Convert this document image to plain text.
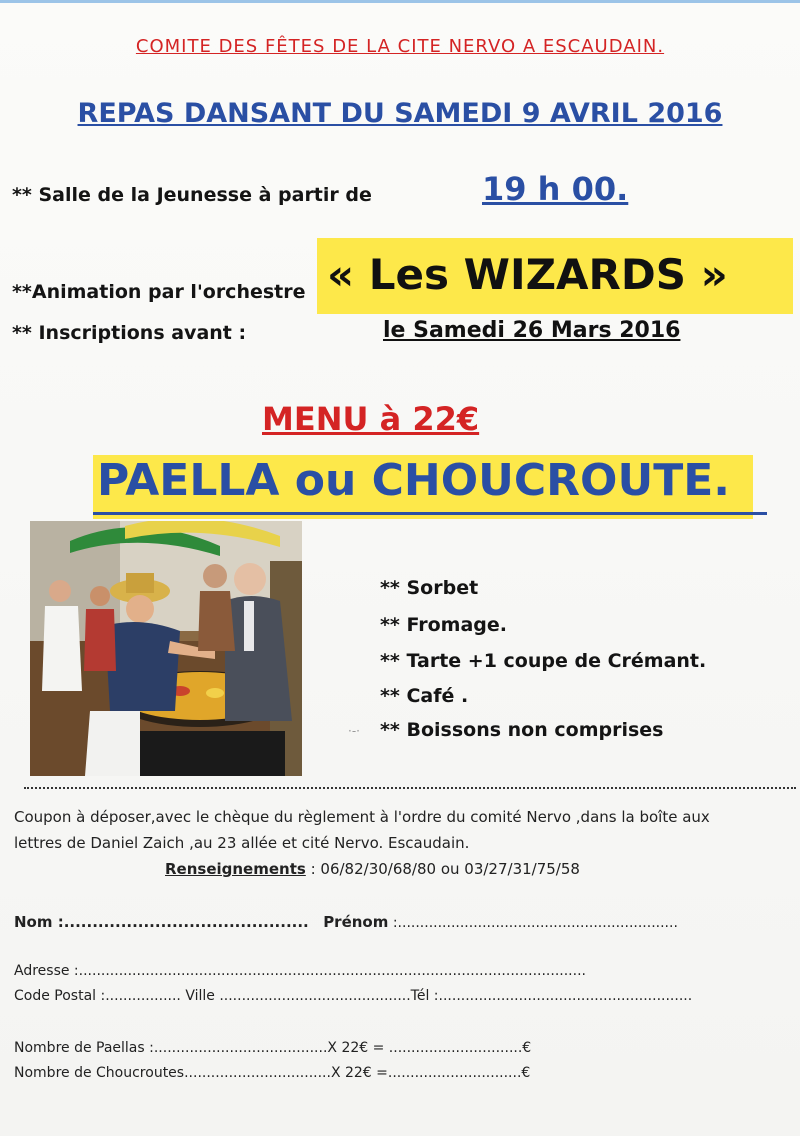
COMITE DES FÊTES DE LA CITE NERVO A ESCAUDAIN.
REPAS DANSANT DU SAMEDI 9 AVRIL 2016
** Salle de la Jeunesse à partir de	19 h 00.
« Les WIZARDS »
**Animation par l'orchestre
** Inscriptions avant :	le Samedi 26 Mars 2016
MENU à 22€
PAELLA ou CHOUCROUTE.
** Sorbet
** Fromage.
** Tarte +1 coupe de Crémant.
** Café .
** Boissons non comprises
·-·
Coupon à déposer,avec le chèque du règlement à l'ordre du comité Nervo ,dans la boîte aux
lettres de Daniel Zaich ,au 23 allée et cité Nervo. Escaudain.
Renseignements : 06/82/30/68/80 ou 03/27/31/75/58
Nom :........................................... Prénom :...............................................................
Adresse :..................................................................................................................
Code Postal :................. Ville ...........................................Tél :.........................................................
Nombre de Paellas :.......................................X 22€ = ..............................€
Nombre de Choucroutes.................................X 22€ =..............................€
